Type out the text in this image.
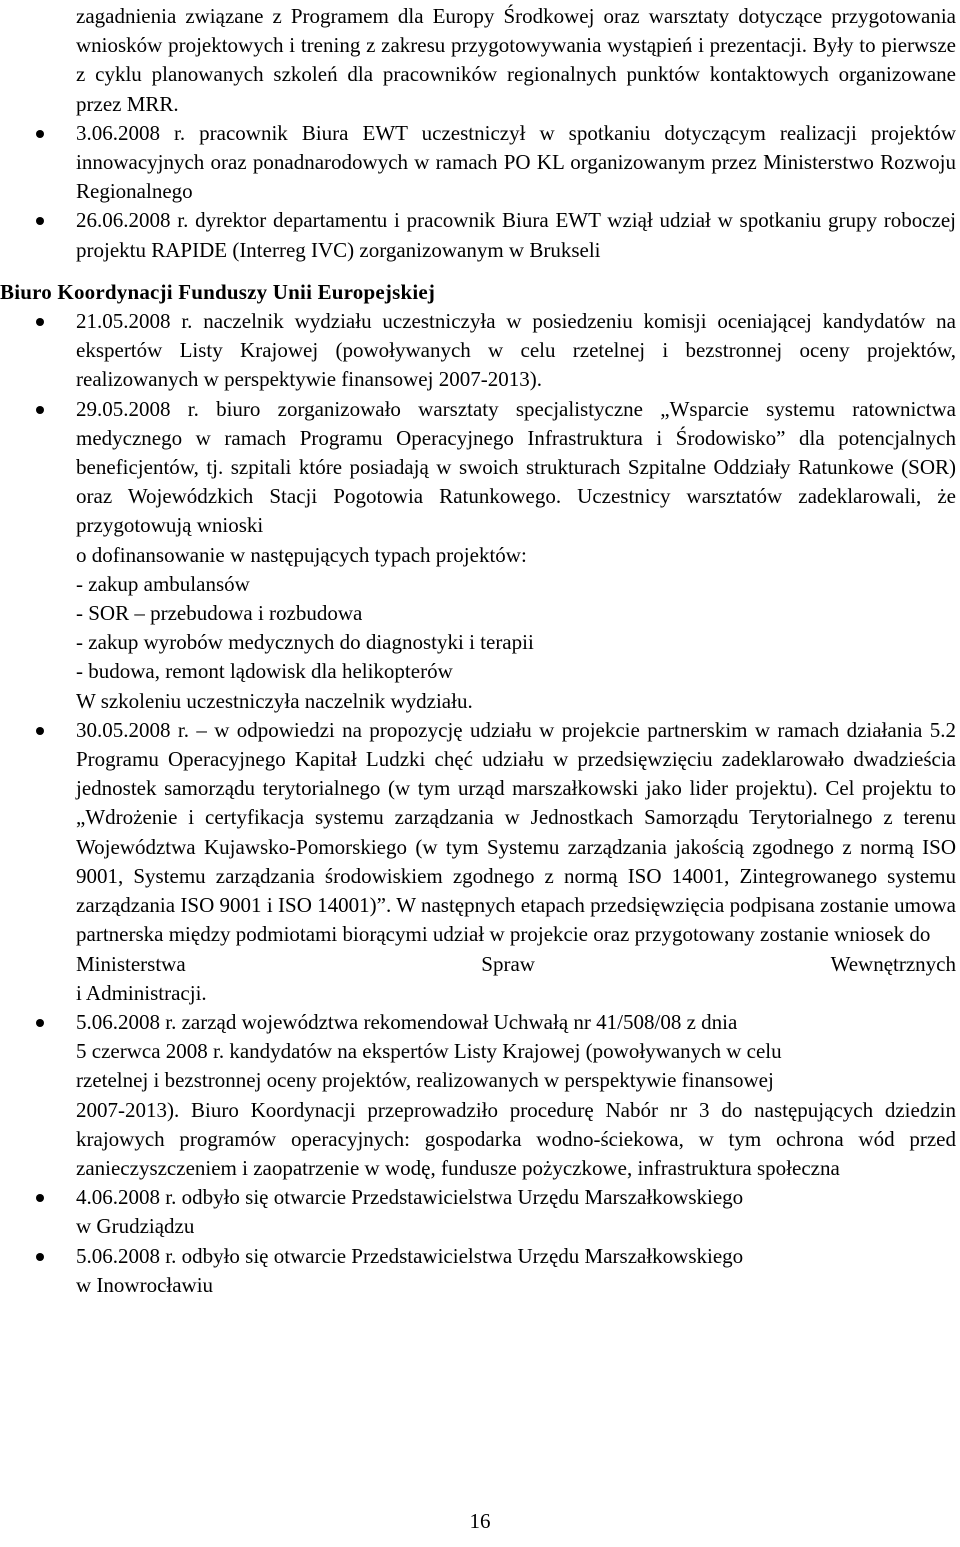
zagadnienia związane z Programem dla Europy Środkowej oraz warsztaty dotyczące przygotowania wniosków projektowych i trening z zakresu przygotowywania wystąpień i prezentacji. Były to pierwsze z cyklu planowanych szkoleń dla pracowników regionalnych punktów kontaktowych organizowane przez MRR.

3.06.2008 r. pracownik Biura EWT uczestniczył w spotkaniu dotyczącym realizacji projektów innowacyjnych oraz ponadnarodowych w ramach PO KL organizowanym przez Ministerstwo Rozwoju Regionalnego
26.06.2008 r. dyrektor departamentu i pracownik Biura EWT wziął udział w spotkaniu grupy roboczej projektu RAPIDE (Interreg IVC) zorganizowanym w Brukseli
Biuro Koordynacji Funduszy Unii Europejskiej
21.05.2008 r. naczelnik wydziału uczestniczyła w posiedzeniu komisji oceniającej kandydatów na ekspertów Listy Krajowej (powoływanych w celu rzetelnej i bezstronnej oceny projektów, realizowanych w perspektywie finansowej 2007-2013).
29.05.2008 r. biuro zorganizowało warsztaty specjalistyczne „Wsparcie systemu ratownictwa medycznego w ramach Programu Operacyjnego Infrastruktura i Środowisko” dla potencjalnych beneficjentów, tj. szpitali które posiadają w swoich strukturach Szpitalne Oddziały Ratunkowe (SOR) oraz Wojewódzkich Stacji Pogotowia Ratunkowego. Uczestnicy warsztatów zadeklarowali, że przygotowują wnioski
o dofinansowanie w następujących typach projektów:
- zakup ambulansów
- SOR – przebudowa i rozbudowa
- zakup wyrobów medycznych do diagnostyki i terapii
- budowa, remont lądowisk dla helikopterów
W szkoleniu uczestniczyła naczelnik wydziału.
30.05.2008 r. – w odpowiedzi na propozycję udziału w projekcie partnerskim w ramach działania 5.2 Programu Operacyjnego Kapitał Ludzki chęć udziału w przedsięwzięciu zadeklarowało dwadzieścia jednostek samorządu terytorialnego (w tym urząd marszałkowski jako lider projektu). Cel projektu to „Wdrożenie i certyfikacja systemu zarządzania w Jednostkach Samorządu Terytorialnego z terenu Województwa Kujawsko-Pomorskiego (w tym Systemu zarządzania jakością zgodnego z normą ISO 9001, Systemu zarządzania środowiskiem zgodnego z normą ISO 14001, Zintegrowanego systemu zarządzania ISO 9001 i ISO 14001)”. W następnych etapach przedsięwzięcia podpisana zostanie umowa partnerska między podmiotami biorącymi udział w projekcie oraz przygotowany zostanie wniosek do
Ministerstwa	Spraw	Wewnętrznych
i Administracji.
5.06.2008 r. zarząd województwa rekomendował Uchwałą nr 41/508/08 z dnia
5 czerwca 2008 r. kandydatów na ekspertów Listy Krajowej (powoływanych w celu
rzetelnej i bezstronnej oceny projektów, realizowanych w perspektywie finansowej
2007-2013). Biuro Koordynacji przeprowadziło procedurę Nabór nr 3 do następujących dziedzin krajowych programów operacyjnych: gospodarka wodno-ściekowa, w tym ochrona wód przed zanieczyszczeniem i zaopatrzenie w wodę, fundusze pożyczkowe, infrastruktura społeczna
4.06.2008 r. odbyło się otwarcie Przedstawicielstwa Urzędu Marszałkowskiego
w Grudziądzu
5.06.2008 r. odbyło się otwarcie Przedstawicielstwa Urzędu Marszałkowskiego
w Inowrocławiu
16
